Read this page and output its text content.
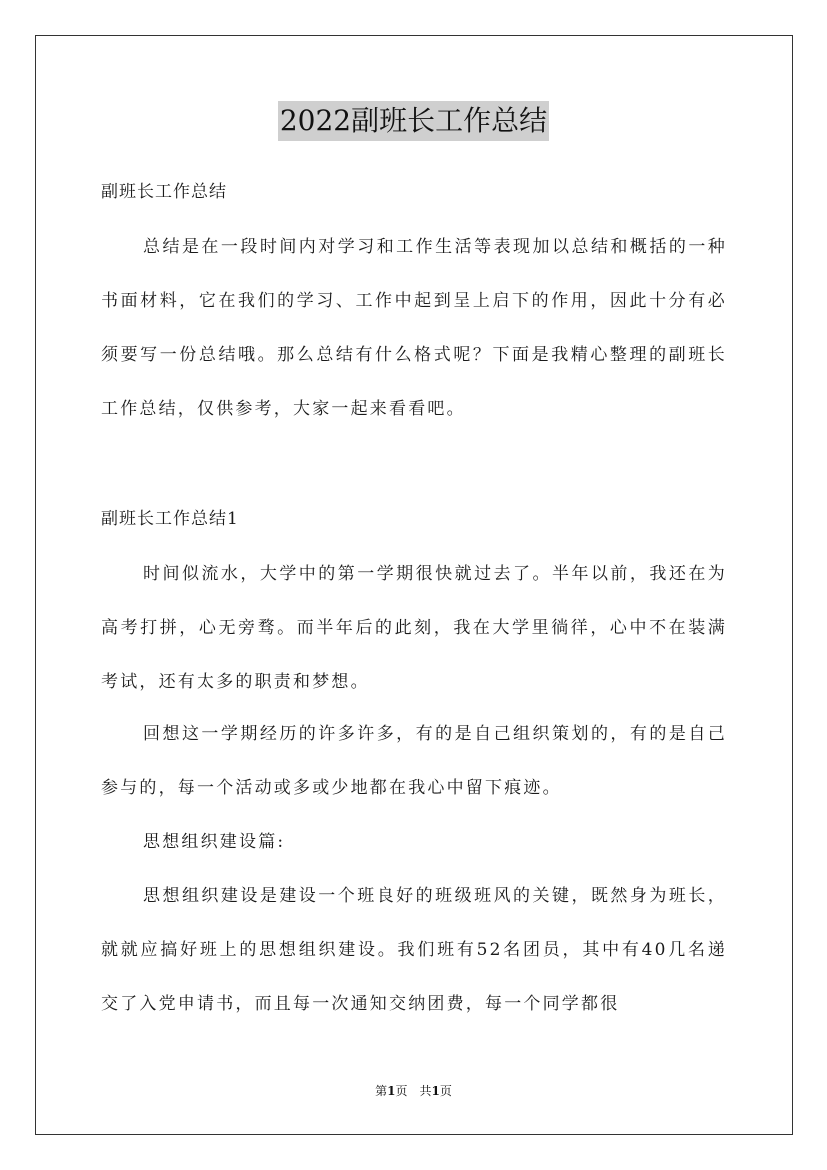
2022副班长工作总结
副班长工作总结

总结是在一段时间内对学习和工作生活等表现加以总结和概括的一种书面材料，它在我们的学习、工作中起到呈上启下的作用，因此十分有必须要写一份总结哦。那么总结有什么格式呢？下面是我精心整理的副班长工作总结，仅供参考，大家一起来看看吧。

副班长工作总结1

时间似流水，大学中的第一学期很快就过去了。半年以前，我还在为高考打拼，心无旁骛。而半年后的此刻，我在大学里徜徉，心中不在装满考试，还有太多的职责和梦想。

回想这一学期经历的许多许多，有的是自己组织策划的，有的是自己参与的，每一个活动或多或少地都在我心中留下痕迹。

思想组织建设篇:

思想组织建设是建设一个班良好的班级班风的关键，既然身为班长，就就应搞好班上的思想组织建设。我们班有52名团员，其中有40几名递交了入党申请书，而且每一次通知交纳团费，每一个同学都很

第1页　共1页
